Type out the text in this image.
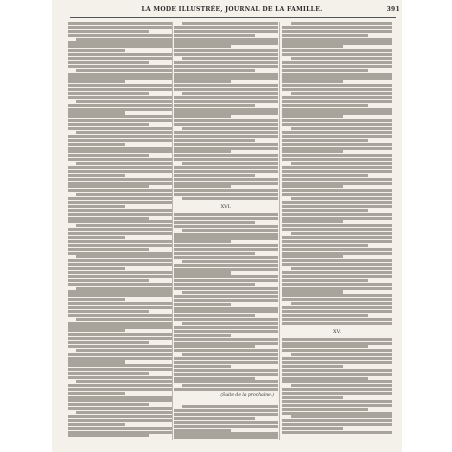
LA MODE ILLUSTRÉE, JOURNAL DE LA FAMILLE.	391
XVI.
(Suite de la prochaine.)
XV.
